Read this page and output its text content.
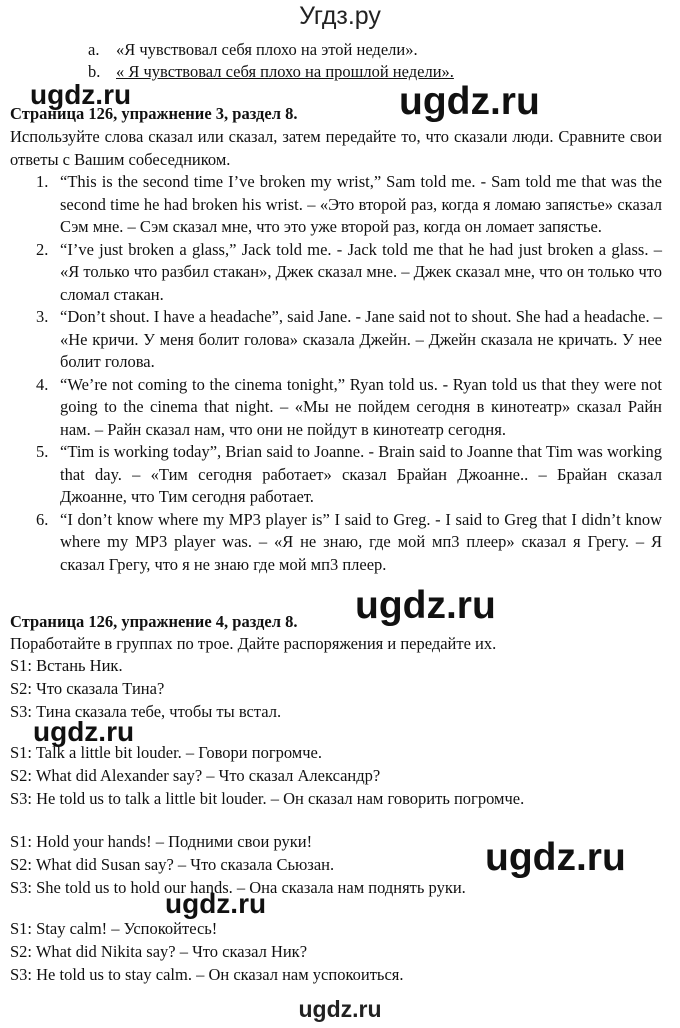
Угдз.ру
a. «Я чувствовал себя плохо на этой недели».
b. « Я чувствовал себя плохо на прошлой недели».
ugdz.ru	ugdz.ru
Страница 126, упражнение 3, раздел 8.
Используйте слова сказал или сказал, затем передайте то, что сказали люди. Сравните свои ответы с Вашим собеседником.
1. “This is the second time I’ve broken my wrist,” Sam told me. - Sam told me that was the second time he had broken his wrist. – «Это второй раз, когда я ломаю запястье» сказал Сэм мне. – Сэм сказал мне, что это уже второй раз, когда он ломает запястье.
2. “I’ve just broken a glass,” Jack told me. - Jack told me that he had just broken a glass. – «Я только что разбил стакан», Джек сказал мне. – Джек сказал мне, что он только что сломал стакан.
3. “Don’t shout. I have a headache”, said Jane. - Jane said not to shout. She had a headache. – «Не кричи. У меня болит голова» сказала Джейн. – Джейн сказала не кричать. У нее болит голова.
4. “We’re not coming to the cinema tonight,” Ryan told us. - Ryan told us that they were not going to the cinema that night. – «Мы не пойдем сегодня в кинотеатр» сказал Райн нам. – Райн сказал нам, что они не пойдут в кинотеатр сегодня.
5. “Tim is working today”, Brian said to Joanne. - Brain said to Joanne that Tim was working that day. – «Тим сегодня работает» сказал Брайан Джоанне.. – Брайан сказал Джоанне, что Тим сегодня работает.
6. “I don’t know where my MP3 player is” I said to Greg. - I said to Greg that I didn’t know where my MP3 player was. – «Я не знаю, где мой мп3 плеер» сказал я Грегу. – Я сказал Грегу, что я не знаю где мой мп3 плеер.
ugdz.ru
Страница 126, упражнение 4, раздел 8.
Поработайте в группах по трое. Дайте распоряжения и передайте их.
S1: Встань Ник.
S2: Что сказала Тина?
S3: Тина сказала тебе, чтобы ты встал.
ugdz.ru
S1: Talk a little bit louder. – Говори погромче.
S2: What did Alexander say? – Что сказал Александр?
S3: He told us to talk a little bit louder. – Он сказал нам говорить погромче.
S1: Hold your hands! – Подними свои руки!
S2: What did Susan say? – Что сказала Сьюзан.
S3: She told us to hold our hands. – Она сказала нам поднять руки.
ugdz.ru
ugdz.ru
S1: Stay calm! – Успокойтесь!
S2: What did Nikita say? – Что сказал Ник?
S3: He told us to stay calm. – Он сказал нам успокоиться.
ugdz.ru
